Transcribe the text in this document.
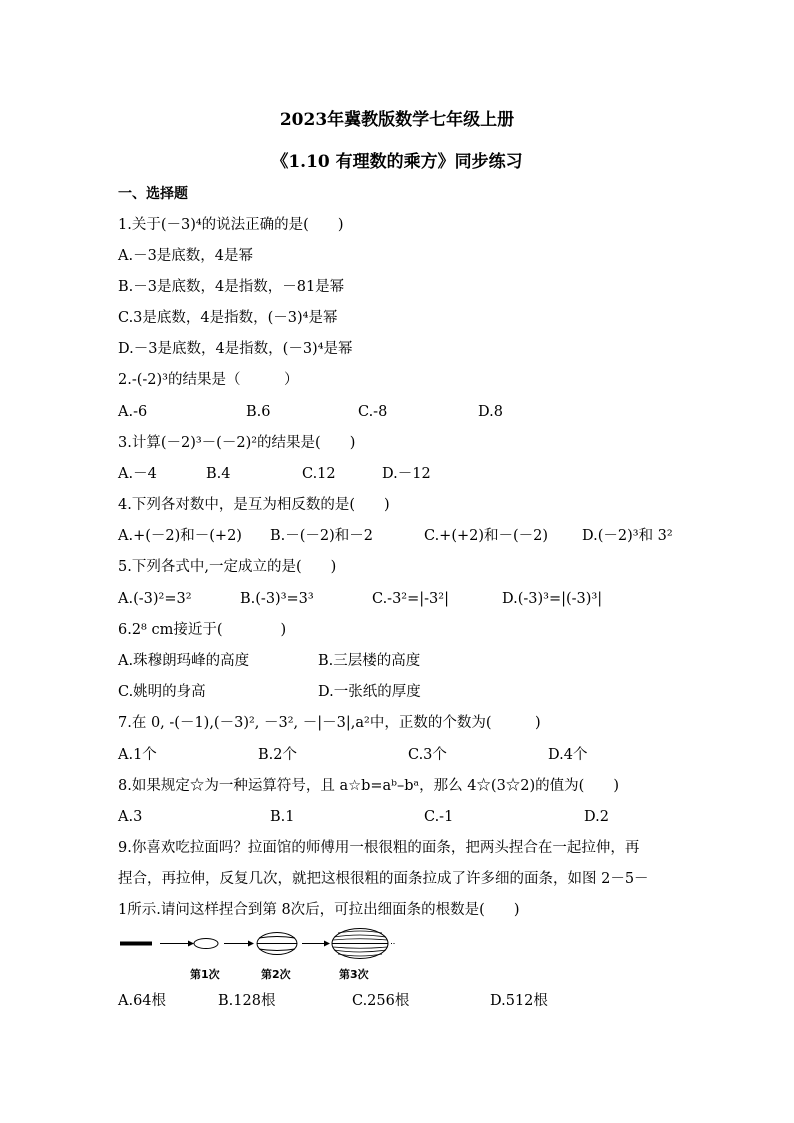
2023年冀教版数学七年级上册
《1.10 有理数的乘方》同步练习
一、选择题
1.关于(－3)⁴的说法正确的是(　　)
A.－3是底数，4是幂
B.－3是底数，4是指数，－81是幂
C.3是底数，4是指数，(－3)⁴是幂
D.－3是底数，4是指数，(－3)⁴是幂
2.-(-2)³的结果是（　　　）
A.-6	B.6	C.-8	D.8
3.计算(－2)³－(－2)²的结果是(　　)
A.－4	B.4	C.12	D.－12
4.下列各对数中，是互为相反数的是(　　)
A.+(－2)和－(+2) B.－(－2)和－2	C.+(+2)和－(－2) D.(－2)³和 3²
5.下列各式中,一定成立的是(　　)
A.(-3)²=3²	B.(-3)³=3³	C.-3²=|-3²|	D.(-3)³=|(-3)³|
6.2⁸ cm接近于(　　　　)
A.珠穆朗玛峰的高度	B.三层楼的高度
C.姚明的身高	D.一张纸的厚度
7.在 0, -(－1),(－3)², －3², －|－3|,a²中，正数的个数为(　　　)
A.1个	B.2个	C.3个	D.4个
8.如果规定☆为一种运算符号，且 a☆b=aᵇ–bᵃ，那么 4☆(3☆2)的值为(　　)
A.3	B.1	C.-1	D.2
9.你喜欢吃拉面吗？拉面馆的师傅用一根很粗的面条，把两头捏合在一起拉伸，再
捏合，再拉伸，反复几次，就把这根很粗的面条拉成了许多细的面条，如图 2－5－
1所示.请问这样捏合到第 8次后，可拉出细面条的根数是(　　)
第1次	第2次	第3次
A.64根	B.128根	C.256根	D.512根
